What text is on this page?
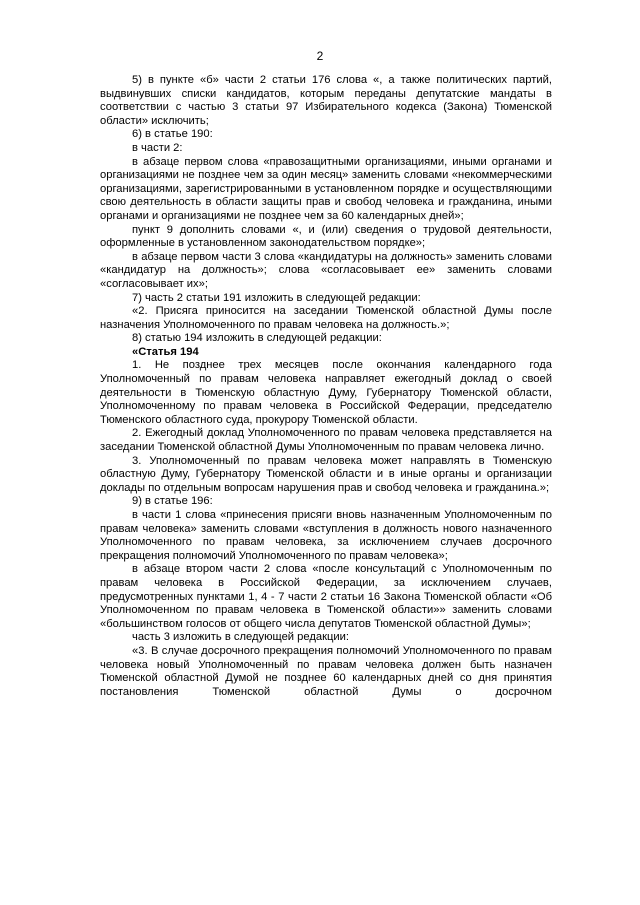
2

5) в пункте «б» части 2 статьи 176 слова «, а также политических партий, выдвинувших списки кандидатов, которым переданы депутатские мандаты в соответствии с частью 3 статьи 97 Избирательного кодекса (Закона) Тюменской области» исключить;

6) в статье 190:

в части 2:

в абзаце первом слова «правозащитными организациями, иными органами и организациями не позднее чем за один месяц» заменить словами «некоммерческими организациями, зарегистрированными в установленном порядке и осуществляющими свою деятельность в области защиты прав и свобод человека и гражданина, иными органами и организациями не позднее чем за 60 календарных дней»;

пункт 9 дополнить словами «, и (или) сведения о трудовой деятельности, оформленные в установленном законодательством порядке»;

в абзаце первом части 3 слова «кандидатуры на должность» заменить словами «кандидатур на должность»; слова «согласовывает ее» заменить словами «согласовывает их»;

7) часть 2 статьи 191 изложить в следующей редакции:

«2. Присяга приносится на заседании Тюменской областной Думы после назначения Уполномоченного по правам человека на должность.»;

8) статью 194 изложить в следующей редакции:

«Статья 194

1. Не позднее трех месяцев после окончания календарного года Уполномоченный по правам человека направляет ежегодный доклад о своей деятельности в Тюменскую областную Думу, Губернатору Тюменской области, Уполномоченному по правам человека в Российской Федерации, председателю Тюменского областного суда, прокурору Тюменской области.

2. Ежегодный доклад Уполномоченного по правам человека представляется на заседании Тюменской областной Думы Уполномоченным по правам человека лично.

3. Уполномоченный по правам человека может направлять в Тюменскую областную Думу, Губернатору Тюменской области и в иные органы и организации доклады по отдельным вопросам нарушения прав и свобод человека и гражданина.»;

9) в статье 196:

в части 1 слова «принесения присяги вновь назначенным Уполномоченным по правам человека» заменить словами «вступления в должность нового назначенного Уполномоченного по правам человека, за исключением случаев досрочного прекращения полномочий Уполномоченного по правам человека»;

в абзаце втором части 2 слова «после консультаций с Уполномоченным по правам человека в Российской Федерации, за исключением случаев, предусмотренных пунктами 1, 4 - 7 части 2 статьи 16 Закона Тюменской области «Об Уполномоченном по правам человека в Тюменской области»» заменить словами «большинством голосов от общего числа депутатов Тюменской областной Думы»;

часть 3 изложить в следующей редакции:

«3. В случае досрочного прекращения полномочий Уполномоченного по правам человека новый Уполномоченный по правам человека должен быть назначен Тюменской областной Думой не позднее 60 календарных дней со дня принятия постановления Тюменской областной Думы о досрочном
